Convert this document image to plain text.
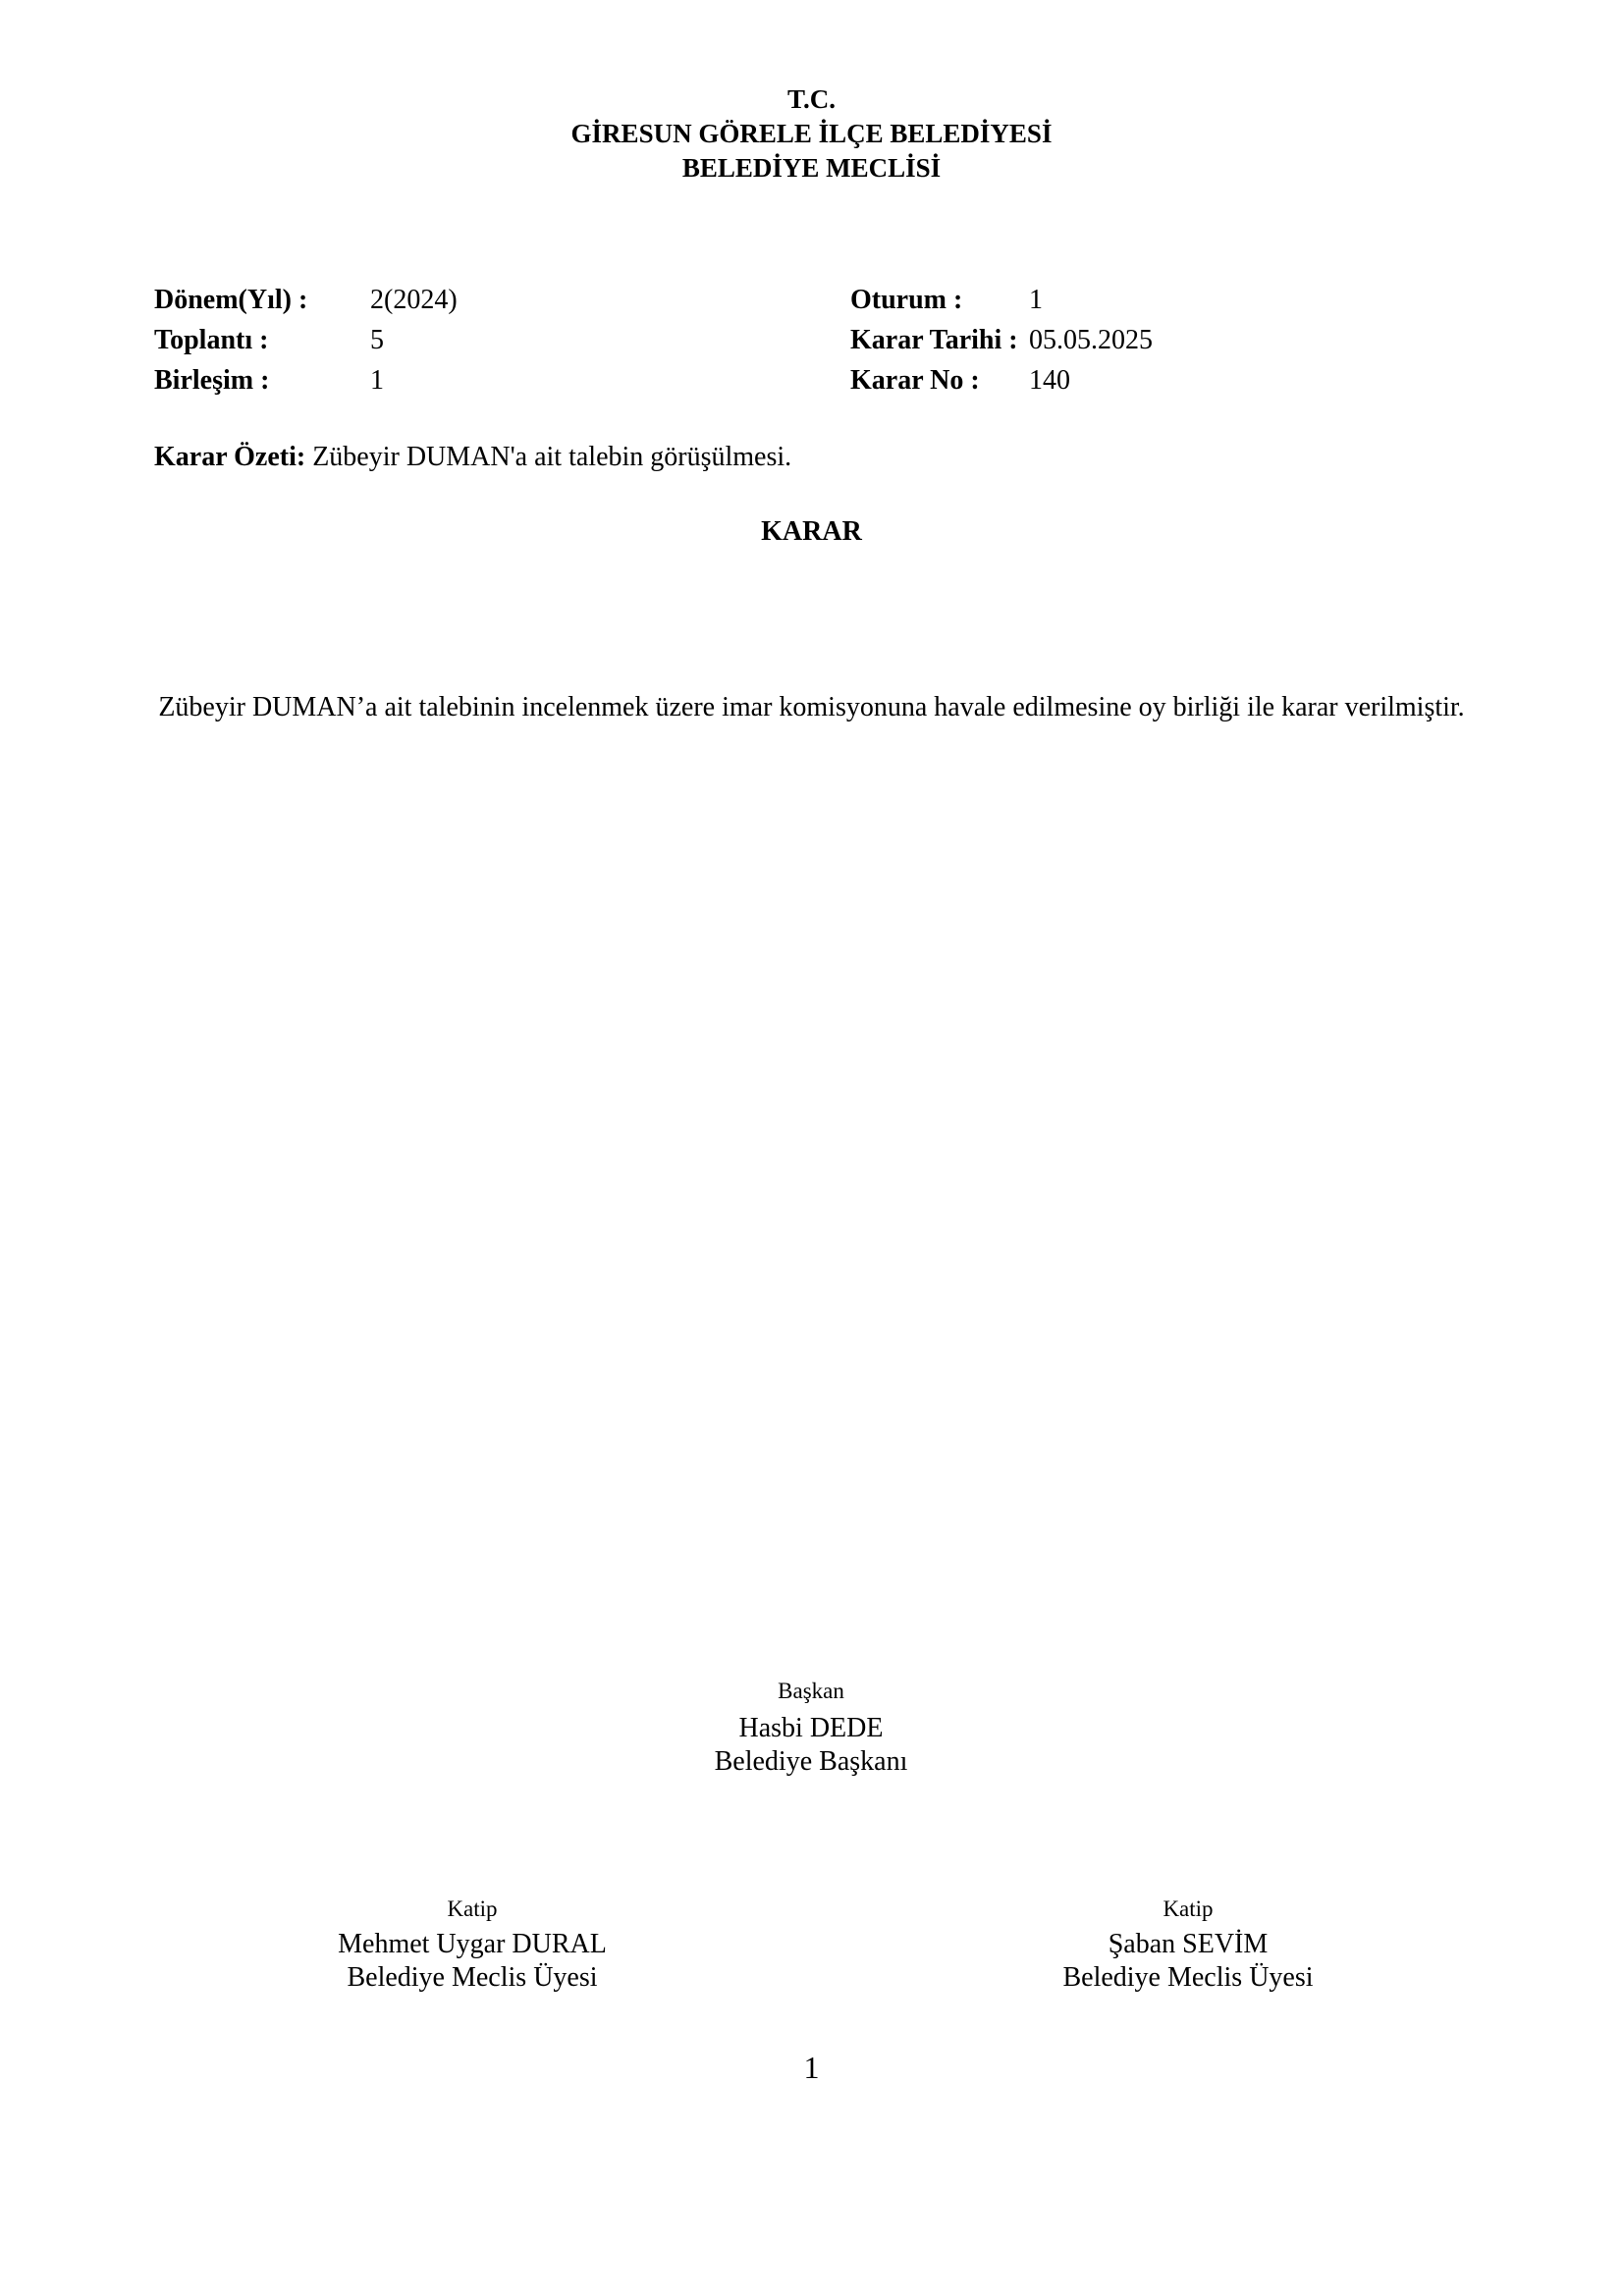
T.C.
GİRESUN GÖRELE İLÇE BELEDİYESİ
BELEDİYE MECLİSİ
Dönem(Yıl) : 2(2024)	Oturum : 1
Toplantı :	5	Karar Tarihi : 05.05.2025
Birleşim :	1	Karar No : 140
Karar Özeti: Zübeyir DUMAN'a ait talebin görüşülmesi.
KARAR
Zübeyir DUMAN’a ait talebinin incelenmek üzere imar komisyonuna havale edilmesine oy birliği ile karar verilmiştir.
Başkan
Hasbi DEDE
Belediye Başkanı
Katip
Mehmet Uygar DURAL
Belediye Meclis Üyesi
Katip
Şaban SEVİM
Belediye Meclis Üyesi
1
